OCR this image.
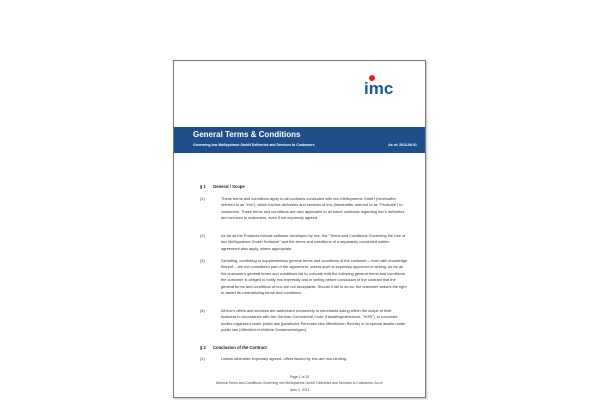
imc
General Terms & Conditions
Governing imc Meßsysteme GmbH Deliveries and Services to Customers	As of: 2013-06-01
§ 1 General / Scope
(1)	These terms and conditions apply to all contracts concluded with imc Meßsysteme GmbH (hereinafter referred to as "imc"), which involve deliveries and services of imc (hereinafter referred to as "Products") to customers. These terms and conditions are also applicable to all future contracts regarding imc's deliveries and services to customers, even if not expressly agreed.
(2)	As far as the Products include software developed by imc, the "Terms and Conditions Governing the Use of imc Meßsysteme GmbH Software" and the terms and conditions of a separately concluded written agreement also apply, where appropriate.
(3)	Deviating, conflicting or supplementary general terms and conditions of the customer – even with knowledge thereof – are not considered part of the agreement, unless such is expressly approved in writing. As far as the customer's general terms and conditions fail to coincide with the following general terms and conditions, the customer is obliged to notify imc expressly and in writing before conclusion of the contract that the general terms and conditions of imc are not acceptable. Should it fail to do so, the customer waives the right to assert its contradicting terms and conditions.
(4)	All imc's offers and services are addressed exclusively to merchants acting within the scope of their business in accordance with the German Commercial Code (Handelsgesetzbuch, "HGB"), to corporate bodies organized under public law (juristische Personen des öffentlichen Rechts) or to special assets under public law (öffentlich-rechtliche Sondervermögen).
§ 2 Conclusion of the Contract
(1)	Unless otherwise expressly agreed, offers issued by imc are non-binding.
Page 1 of 15
General Terms and Conditions Governing imc Meßsysteme GmbH Deliveries and Services to Customers, As of:
June 1, 2013
